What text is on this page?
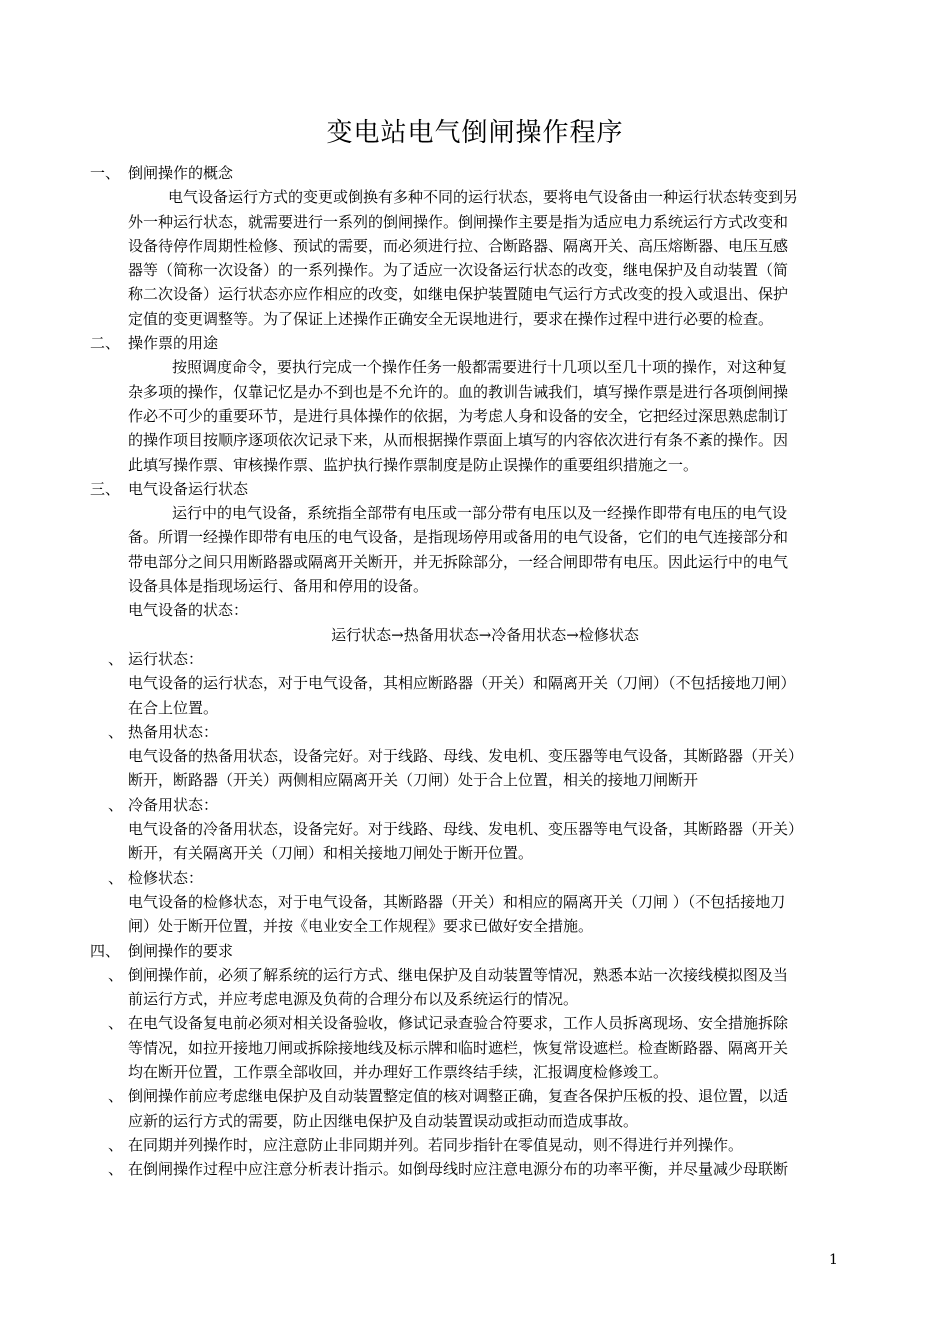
变电站电气倒闸操作程序
一、 倒闸操作的概念
电气设备运行方式的变更或倒换有多种不同的运行状态，要将电气设备由一种运行状态转变到另
外一种运行状态，就需要进行一系列的倒闸操作。倒闸操作主要是指为适应电力系统运行方式改变和
设备待停作周期性检修、预试的需要，而必须进行拉、合断路器、隔离开关、高压熔断器、电压互感
器等（简称一次设备）的一系列操作。为了适应一次设备运行状态的改变，继电保护及自动装置（简
称二次设备）运行状态亦应作相应的改变，如继电保护装置随电气运行方式改变的投入或退出、保护
定值的变更调整等。为了保证上述操作正确安全无误地进行，要求在操作过程中进行必要的检查。
二、 操作票的用途
按照调度命令，要执行完成一个操作任务一般都需要进行十几项以至几十项的操作，对这种复
杂多项的操作，仅靠记忆是办不到也是不允许的。血的教训告诫我们，填写操作票是进行各项倒闸操
作必不可少的重要环节，是进行具体操作的依据，为考虑人身和设备的安全，它把经过深思熟虑制订
的操作项目按顺序逐项依次记录下来，从而根据操作票面上填写的内容依次进行有条不紊的操作。因
此填写操作票、审核操作票、监护执行操作票制度是防止误操作的重要组织措施之一。
三、 电气设备运行状态
运行中的电气设备，系统指全部带有电压或一部分带有电压以及一经操作即带有电压的电气设
备。所谓一经操作即带有电压的电气设备，是指现场停用或备用的电气设备，它们的电气连接部分和
带电部分之间只用断路器或隔离开关断开，并无拆除部分，一经合闸即带有电压。因此运行中的电气
设备具体是指现场运行、备用和停用的设备。
电气设备的状态：
运行状态→热备用状态→冷备用状态→检修状态
、 运行状态：
电气设备的运行状态，对于电气设备，其相应断路器（开关）和隔离开关（刀闸）（不包括接地刀闸）
在合上位置。
、 热备用状态：
电气设备的热备用状态，设备完好。对于线路、母线、发电机、变压器等电气设备，其断路器（开关）
断开，断路器（开关）两侧相应隔离开关（刀闸）处于合上位置，相关的接地刀闸断开
、 冷备用状态：
电气设备的冷备用状态，设备完好。对于线路、母线、发电机、变压器等电气设备，其断路器（开关）
断开，有关隔离开关（刀闸）和相关接地刀闸处于断开位置。
、 检修状态：
电气设备的检修状态，对于电气设备，其断路器（开关）和相应的隔离开关（刀闸 ）（不包括接地刀
闸）处于断开位置，并按《电业安全工作规程》要求已做好安全措施。
四、 倒闸操作的要求
、 倒闸操作前，必须了解系统的运行方式、继电保护及自动装置等情况，熟悉本站一次接线模拟图及当
前运行方式，并应考虑电源及负荷的合理分布以及系统运行的情况。
、 在电气设备复电前必须对相关设备验收，修试记录查验合符要求，工作人员拆离现场、安全措施拆除
等情况，如拉开接地刀闸或拆除接地线及标示牌和临时遮栏，恢复常设遮栏。检查断路器、隔离开关
均在断开位置，工作票全部收回，并办理好工作票终结手续，汇报调度检修竣工。
、 倒闸操作前应考虑继电保护及自动装置整定值的核对调整正确，复查各保护压板的投、退位置，以适
应新的运行方式的需要，防止因继电保护及自动装置误动或拒动而造成事故。
、 在同期并列操作时，应注意防止非同期并列。若同步指针在零值晃动，则不得进行并列操作。
、 在倒闸操作过程中应注意分析表计指示。如倒母线时应注意电源分布的功率平衡，并尽量减少母联断
1
